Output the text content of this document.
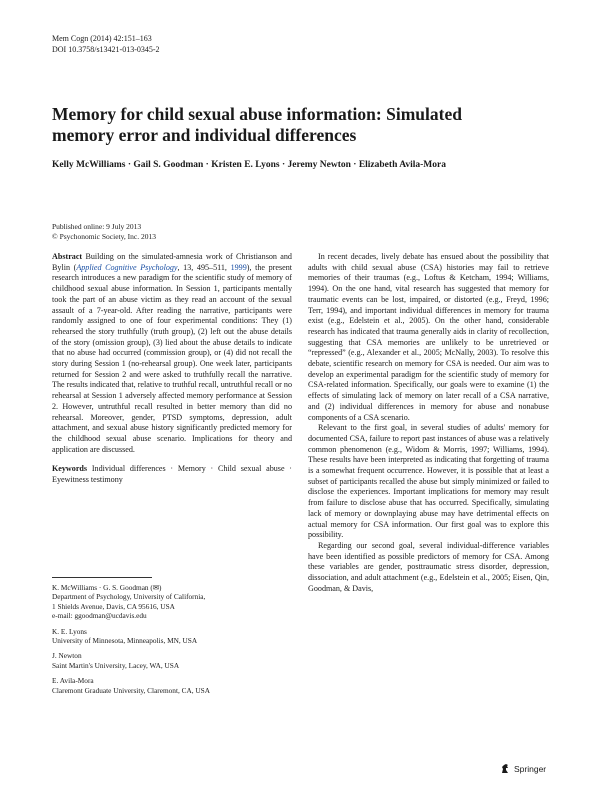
Mem Cogn (2014) 42:151–163
DOI 10.3758/s13421-013-0345-2
Memory for child sexual abuse information: Simulated memory error and individual differences
Kelly McWilliams · Gail S. Goodman · Kristen E. Lyons · Jeremy Newton · Elizabeth Avila-Mora
Published online: 9 July 2013
© Psychonomic Society, Inc. 2013

Abstract Building on the simulated-amnesia work of Christianson and Bylin (Applied Cognitive Psychology, 13, 495–511, 1999), the present research introduces a new paradigm for the scientific study of memory of childhood sexual abuse information. In Session 1, participants mentally took the part of an abuse victim as they read an account of the sexual assault of a 7-year-old. After reading the narrative, participants were randomly assigned to one of four experimental conditions: They (1) rehearsed the story truthfully (truth group), (2) left out the abuse details of the story (omission group), (3) lied about the abuse details to indicate that no abuse had occurred (commission group), or (4) did not recall the story during Session 1 (no-rehearsal group). One week later, participants returned for Session 2 and were asked to truthfully recall the narrative. The results indicated that, relative to truthful recall, untruthful recall or no rehearsal at Session 1 adversely affected memory performance at Session 2. However, untruthful recall resulted in better memory than did no rehearsal. Moreover, gender, PTSD symptoms, depression, adult attachment, and sexual abuse history significantly predicted memory for the childhood sexual abuse scenario. Implications for theory and application are discussed.

Keywords Individual differences · Memory · Child sexual abuse · Eyewitness testimony

K. McWilliams · G. S. Goodman (✉)
Department of Psychology, University of California,
1 Shields Avenue, Davis, CA 95616, USA
e-mail: ggoodman@ucdavis.edu

K. E. Lyons
University of Minnesota, Minneapolis, MN, USA

J. Newton
Saint Martin's University, Lacey, WA, USA

E. Avila-Mora
Claremont Graduate University, Claremont, CA, USA

In recent decades, lively debate has ensued about the possibility that adults with child sexual abuse (CSA) histories may fail to retrieve memories of their traumas (e.g., Loftus & Ketcham, 1994; Williams, 1994). On the one hand, vital research has suggested that memory for traumatic events can be lost, impaired, or distorted (e.g., Freyd, 1996; Terr, 1994), and important individual differences in memory for trauma exist (e.g., Edelstein et al., 2005). On the other hand, considerable research has indicated that trauma generally aids in clarity of recollection, suggesting that CSA memories are unlikely to be unretrieved or “repressed” (e.g., Alexander et al., 2005; McNally, 2003). To resolve this debate, scientific research on memory for CSA is needed. Our aim was to develop an experimental paradigm for the scientific study of memory for CSA-related information. Specifically, our goals were to examine (1) the effects of simulating lack of memory on later recall of a CSA narrative, and (2) individual differences in memory for abuse and nonabuse components of a CSA scenario.

Relevant to the first goal, in several studies of adults' memory for documented CSA, failure to report past instances of abuse was a relatively common phenomenon (e.g., Widom & Morris, 1997; Williams, 1994). These results have been interpreted as indicating that forgetting of trauma is a somewhat frequent occurrence. However, it is possible that at least a subset of participants recalled the abuse but simply minimized or failed to disclose the experiences. Important implications for memory may result from failure to disclose abuse that has occurred. Specifically, simulating lack of memory or downplaying abuse may have detrimental effects on actual memory for CSA information. Our first goal was to explore this possibility.

Regarding our second goal, several individual-difference variables have been identified as possible predictors of memory for CSA. Among these variables are gender, posttraumatic stress disorder, depression, dissociation, and adult attachment (e.g., Edelstein et al., 2005; Eisen, Qin, Goodman, & Davis,

Springer
